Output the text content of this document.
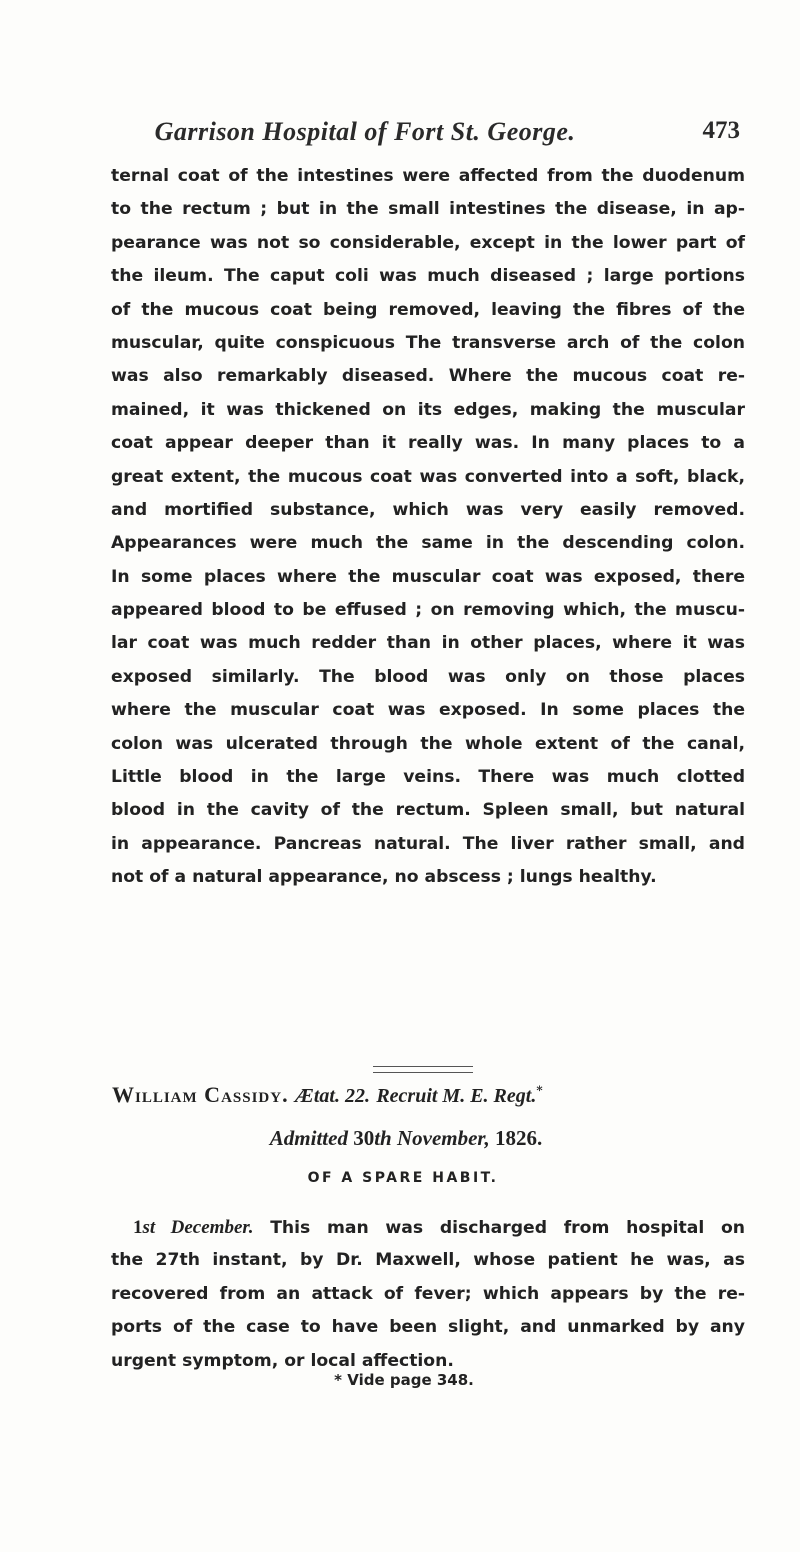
Garrison Hospital of Fort St. George.	473
ternal coat of the intestines were affected from the duodenum
to the rectum ; but in the small intestines the disease, in ap-
pearance was not so considerable, except in the lower part of
the ileum. The caput coli was much diseased ; large portions
of the mucous coat being removed, leaving the fibres of the
muscular, quite conspicuous The transverse arch of the colon
was also remarkably diseased. Where the mucous coat re-
mained, it was thickened on its edges, making the muscular
coat appear deeper than it really was. In many places to a
great extent, the mucous coat was converted into a soft, black,
and mortified substance, which was very easily removed.
Appearances were much the same in the descending colon.
In some places where the muscular coat was exposed, there
appeared blood to be effused ; on removing which, the muscu-
lar coat was much redder than in other places, where it was
exposed similarly. The blood was only on those places
where the muscular coat was exposed. In some places the
colon was ulcerated through the whole extent of the canal,
Little blood in the large veins. There was much clotted
blood in the cavity of the rectum. Spleen small, but natural
in appearance. Pancreas natural. The liver rather small, and
not of a natural appearance, no abscess ; lungs healthy.
William Cassidy. Ætat. 22. Recruit M. E. Regt.*
Admitted 30th November, 1826.
OF A SPARE HABIT.
1st December. This man was discharged from hospital on
the 27th instant, by Dr. Maxwell, whose patient he was, as
recovered from an attack of fever; which appears by the re-
ports of the case to have been slight, and unmarked by any
urgent symptom, or local affection.
* Vide page 348.
